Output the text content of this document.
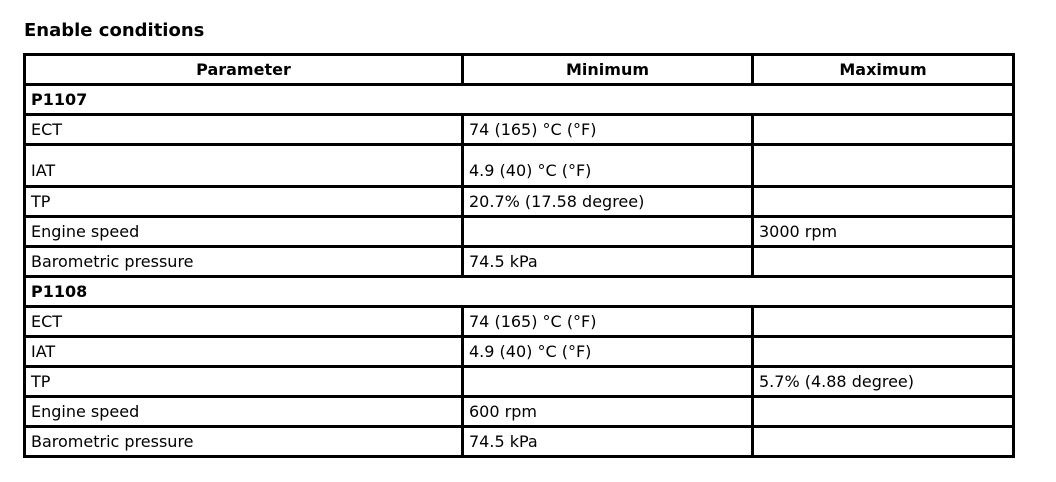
Enable conditions
Parameter	Minimum	Maximum
P1107		
ECT	74 (165) °C (°F)	
IAT	4.9 (40) °C (°F)	
TP	20.7% (17.58 degree)	
Engine speed		3000 rpm
Barometric pressure	74.5 kPa	
P1108		
ECT	74 (165) °C (°F)	
IAT	4.9 (40) °C (°F)	
TP		5.7% (4.88 degree)
Engine speed	600 rpm	
Barometric pressure	74.5 kPa	
